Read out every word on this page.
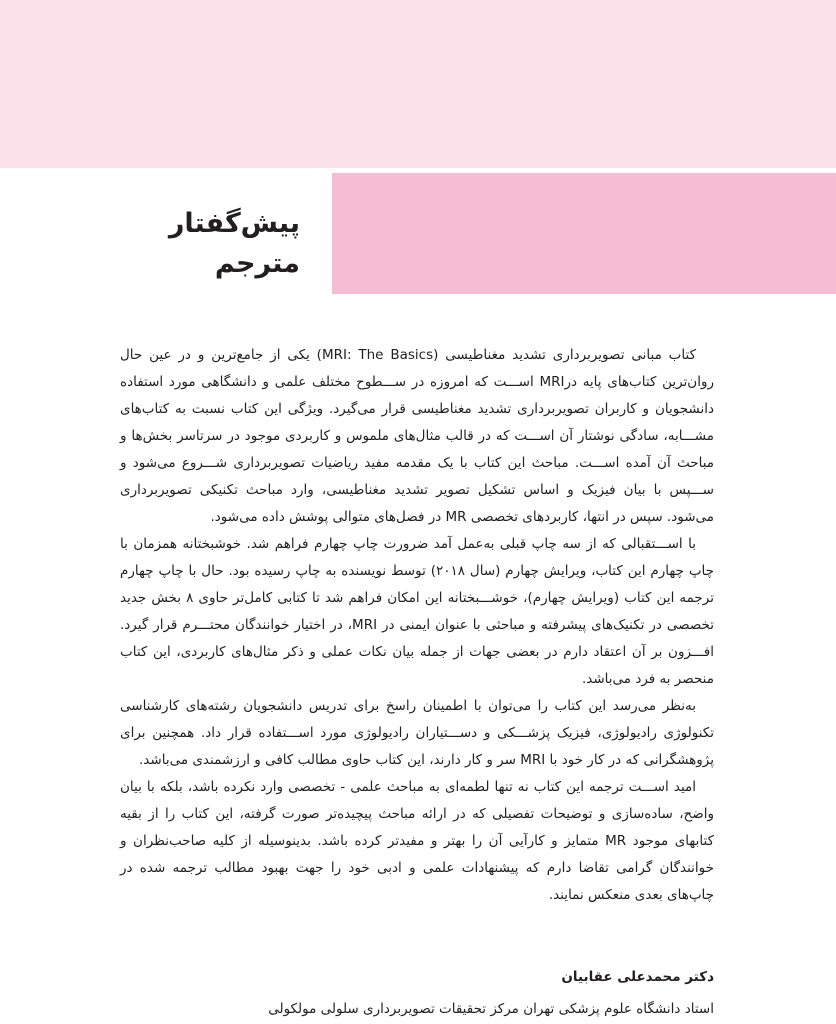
پیش‌گفتار
مترجم

کتاب مبانی تصویربرداری تشدید مغناطیسی (MRI: The Basics) یکی از جامع‌ترین و در عین حال روان‌ترین کتاب‌های پایه درMRI اســـت که امروزه در ســـطوح مختلف علمی و دانشگاهی مورد استفاده دانشجویان و کاربران تصویربرداری تشدید مغناطیسی قرار می‌گیرد. ویژگی این کتاب نسبت به کتاب‌های مشـــابه، سادگی نوشتار آن اســـت که در قالب مثال‌های ملموس و کاربردی موجود در سرتاسر بخش‌ها و مباحث آن آمده اســـت. مباحث این کتاب با یک مقدمه مفید ریاضیات تصویربرداری شـــروع می‌شود و ســـپس با بیان فیزیک و اساس تشکیل تصویر تشدید مغناطیسی، وارد مباحث تکنیکی تصویربرداری می‌شود. سپس در انتها، کاربردهای تخصصی MR در فصل‌های متوالی پوشش داده می‌شود.

با اســـتقبالی که از سه چاپ قبلی به‌عمل آمد ضرورت چاپ چهارم فراهم شد. خوشبختانه همزمان با چاپ چهارم این کتاب، ویرایش چهارم (سال ۲۰۱۸) توسط نویسنده به چاپ رسیده بود. حال با چاپ چهارم ترجمه این کتاب (ویرایش چهارم)، خوشـــبختانه این امکان فراهم شد تا کتابی کامل‌تر حاوی ۸ بخش جدید تخصصی در تکنیک‌های پیشرفته و مباحثی با عنوان ایمنی در MRI، در اختیار خوانندگان محتـــرم قرار گیرد. افـــزون بر آن اعتقاد دارم در بعضی جهات از جمله بیان نکات عملی و ذکر مثال‌های کاربردی، این کتاب منحصر به فرد می‌باشد.

به‌نظر می‌رسد این کتاب را می‌توان با اطمینان راسخ برای تدریس دانشجویان رشته‌های کارشناسی تکنولوژی رادیولوژی، فیزیک پزشـــکی و دســـتیاران رادیولوژی مورد اســـتفاده قرار داد. همچنین برای پژوهشگرانی که در کار خود با MRI سر و کار دارند، این کتاب حاوی مطالب کافی و ارزشمندی می‌باشد.

امید اســـت ترجمه این کتاب نه تنها لطمه‌ای به مباحث علمی - تخصصی وارد نکرده باشد، بلکه با بیان واضح، ساده‌سازی و توضیحات تفصیلی که در ارائه مباحث پیچیده‌تر صورت گرفته، این کتاب را از بقیه کتابهای موجود MR متمایز و کارآیی آن را بهتر و مفیدتر کرده باشد. بدینوسیله از کلیه صاحب‌نظران و خوانندگان گرامی تقاضا دارم که پیشنهادات علمی و ادبی خود را جهت بهبود مطالب ترجمه شده در چاپ‌های بعدی منعکس نمایند.

دکتر محمدعلی عقابیان
استاد دانشگاه علوم پزشکی تهران مرکز تحقیقات تصویربرداری سلولی مولکولی
